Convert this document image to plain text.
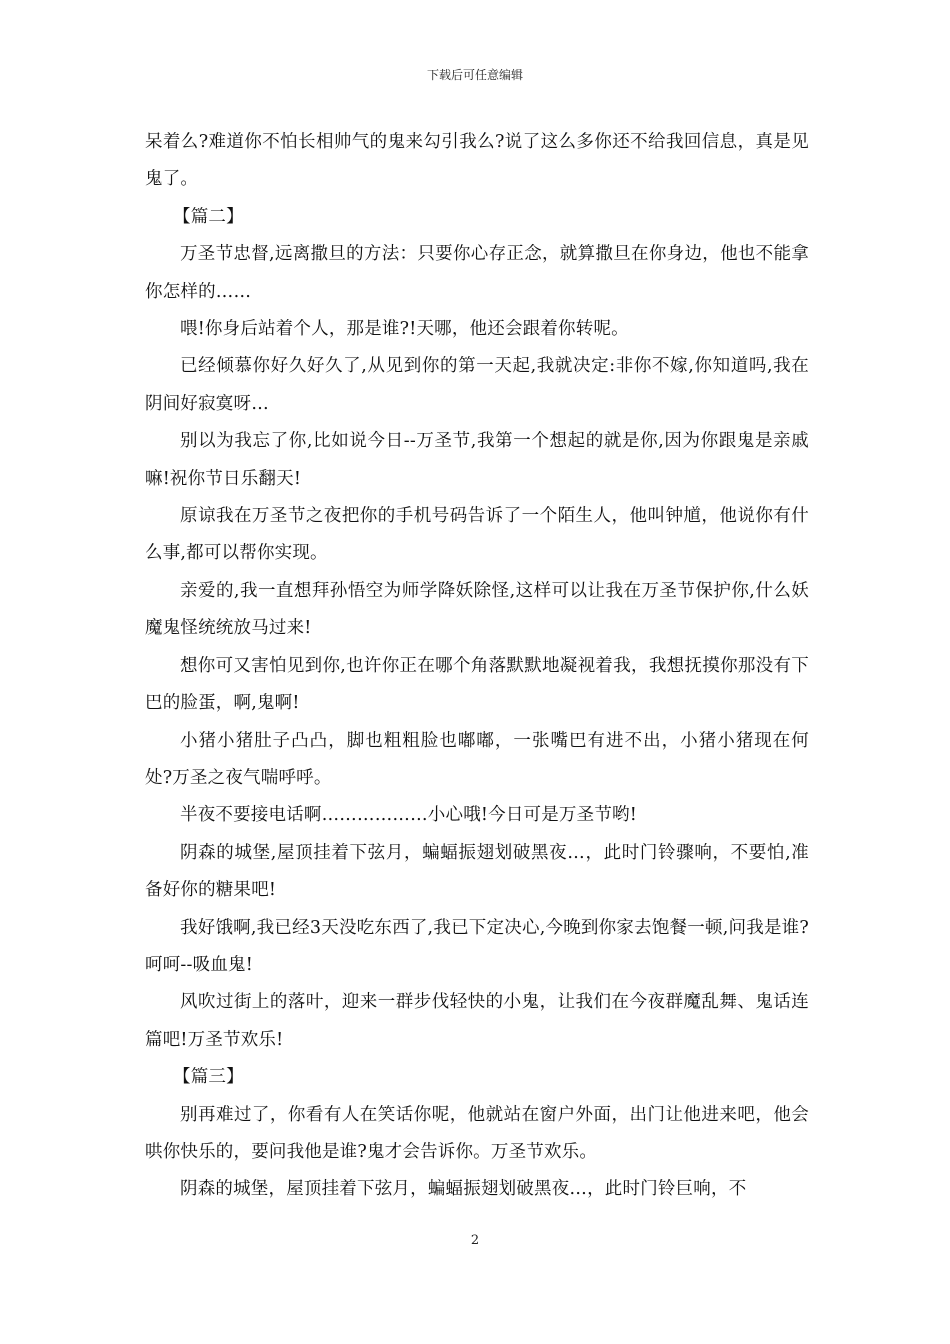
下载后可任意编辑

呆着么?难道你不怕长相帅气的鬼来勾引我么?说了这么多你还不给我回信息，真是见鬼了。

【篇二】

万圣节忠督,远离撒旦的方法：只要你心存正念，就算撒旦在你身边，他也不能拿你怎样的……

喂!你身后站着个人，那是谁?!天哪，他还会跟着你转呢。

已经倾慕你好久好久了,从见到你的第一天起,我就决定:非你不嫁,你知道吗,我在阴间好寂寞呀…

别以为我忘了你,比如说今日--万圣节,我第一个想起的就是你,因为你跟鬼是亲戚嘛!祝你节日乐翻天!

原谅我在万圣节之夜把你的手机号码告诉了一个陌生人，他叫钟馗，他说你有什么事,都可以帮你实现。

亲爱的,我一直想拜孙悟空为师学降妖除怪,这样可以让我在万圣节保护你,什么妖魔鬼怪统统放马过来!

想你可又害怕见到你,也许你正在哪个角落默默地凝视着我，我想抚摸你那没有下巴的脸蛋，啊,鬼啊!

小猪小猪肚子凸凸，脚也粗粗脸也嘟嘟，一张嘴巴有进不出，小猪小猪现在何处?万圣之夜气喘呼呼。

半夜不要接电话啊………………小心哦!今日可是万圣节哟!

阴森的城堡,屋顶挂着下弦月，蝙蝠振翅划破黑夜…，此时门铃骤响，不要怕,准备好你的糖果吧!

我好饿啊,我已经3天没吃东西了,我已下定决心,今晚到你家去饱餐一顿,问我是谁?呵呵--吸血鬼!

风吹过街上的落叶，迎来一群步伐轻快的小鬼，让我们在今夜群魔乱舞、鬼话连篇吧!万圣节欢乐!

【篇三】

别再难过了，你看有人在笑话你呢，他就站在窗户外面，出门让他进来吧，他会哄你快乐的，要问我他是谁?鬼才会告诉你。万圣节欢乐。

阴森的城堡，屋顶挂着下弦月，蝙蝠振翅划破黑夜…，此时门铃巨响，不

2
